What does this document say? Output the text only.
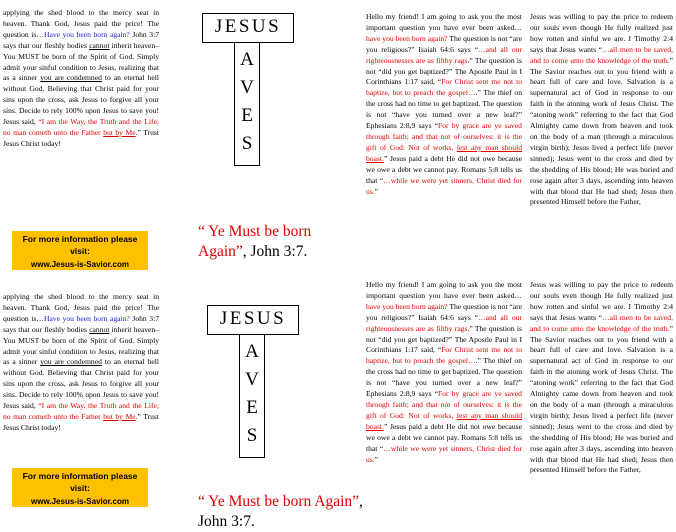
applying the shed blood to the mercy seat in heaven. Thank God, Jesus paid the price! The question is…Have you been born again? John 3:7 says that our fleshly bodies cannot inherit heaven– You MUST be born of the Spirit of God. Simply admit your sinful condition to Jesus, realizing that as a sinner you are condemned to an eternal hell without God. Believing that Christ paid for your sins upon the cross, ask Jesus to forgive all your sins. Decide to rely 100% upon Jesus to save you! Jesus said, “I am the Way, the Truth and the Life; no man cometh unto the Father but by Me.” Trust Jesus Christ today!

For more information please visit:
www.Jesus-is-Savior.com
A
V
E
S
JESUS
“ Ye Must be born Again”, John 3:7.

Hello my friend! I am going to ask you the most important question you have ever been asked…have you been born again? The question is not “are you religious?” Isaiah 64:6 says “…and all our righteousnesses are as filthy rags.” The question is not “did you get baptized?” The Apostle Paul in I Corinthians 1:17 said, “For Christ sent me not to baptize, but to preach the gospel….” The thief on the cross had no time to get baptized. The question is not “have you turned over a new leaf?” Ephesians 2:8,9 says “For by grace are ye saved through faith; and that not of ourselves: it is the gift of God: Not of works, lest any man should boast.” Jesus paid a debt He did not owe because we owe a debt we cannot pay. Romans 5:8 tells us that “…while we were yet sinners, Christ died for us.”

Jesus was willing to pay the price to redeem our souls even though He fully realized just how rotten and sinful we are. I Timothy 2:4 says that Jesus wants “…all men to be saved, and to come unto the knowledge of the truth.” The Savior reaches out to you friend with a heart full of care and love. Salvation is a supernatural act of God in response to our faith in the atoning work of Jesus Christ. The “atoning work” referring to the fact that God Almighty came down from heaven and took on the body of a man (through a miraculous virgin birth); Jesus lived a perfect life (never sinned); Jesus went to the cross and died by the shedding of His blood; He was buried and rose again after 3 days, ascending into heaven with that blood that He had shed; Jesus then presented Himself before the Father,

applying the shed blood to the mercy seat in heaven. Thank God, Jesus paid the price! The question is…Have you been born again? John 3:7 says that our fleshly bodies cannot inherit heaven– You MUST be born of the Spirit of God. Simply admit your sinful condition to Jesus, realizing that as a sinner you are condemned to an eternal hell without God. Believing that Christ paid for your sins upon the cross, ask Jesus to forgive all your sins. Decide to rely 100% upon Jesus to save you! Jesus said, “I am the Way, the Truth and the Life; no man cometh unto the Father but by Me.” Trust Jesus Christ today!

For more information please visit:
www.Jesus-is-Savior.com
A
V
E
S
JESUS
“ Ye Must be born Again”, John 3:7.

Hello my friend! I am going to ask you the most important question you have ever been asked…have you been born again? The question is not “are you religious?” Isaiah 64:6 says “…and all our righteousnesses are as filthy rags.” The question is not “did you get baptized?” The Apostle Paul in I Corinthians 1:17 said, “For Christ sent me not to baptize, but to preach the gospel….” The thief on the cross had no time to get baptized. The question is not “have you turned over a new leaf?” Ephesians 2:8,9 says “For by grace are ye saved through faith; and that not of ourselves: it is the gift of God: Not of works, lest any man should boast.” Jesus paid a debt He did not owe because we owe a debt we cannot pay. Romans 5:8 tells us that “…while we were yet sinners, Christ died for us.”

Jesus was willing to pay the price to redeem our souls even though He fully realized just how rotten and sinful we are. I Timothy 2:4 says that Jesus wants “…all men to be saved, and to come unto the knowledge of the truth.” The Savior reaches out to you friend with a heart full of care and love. Salvation is a supernatural act of God in response to our faith in the atoning work of Jesus Christ. The “atoning work” referring to the fact that God Almighty came down from heaven and took on the body of a man (through a miraculous virgin birth); Jesus lived a perfect life (never sinned); Jesus went to the cross and died by the shedding of His blood; He was buried and rose again after 3 days, ascending into heaven with that blood that He had shed; Jesus then presented Himself before the Father,
